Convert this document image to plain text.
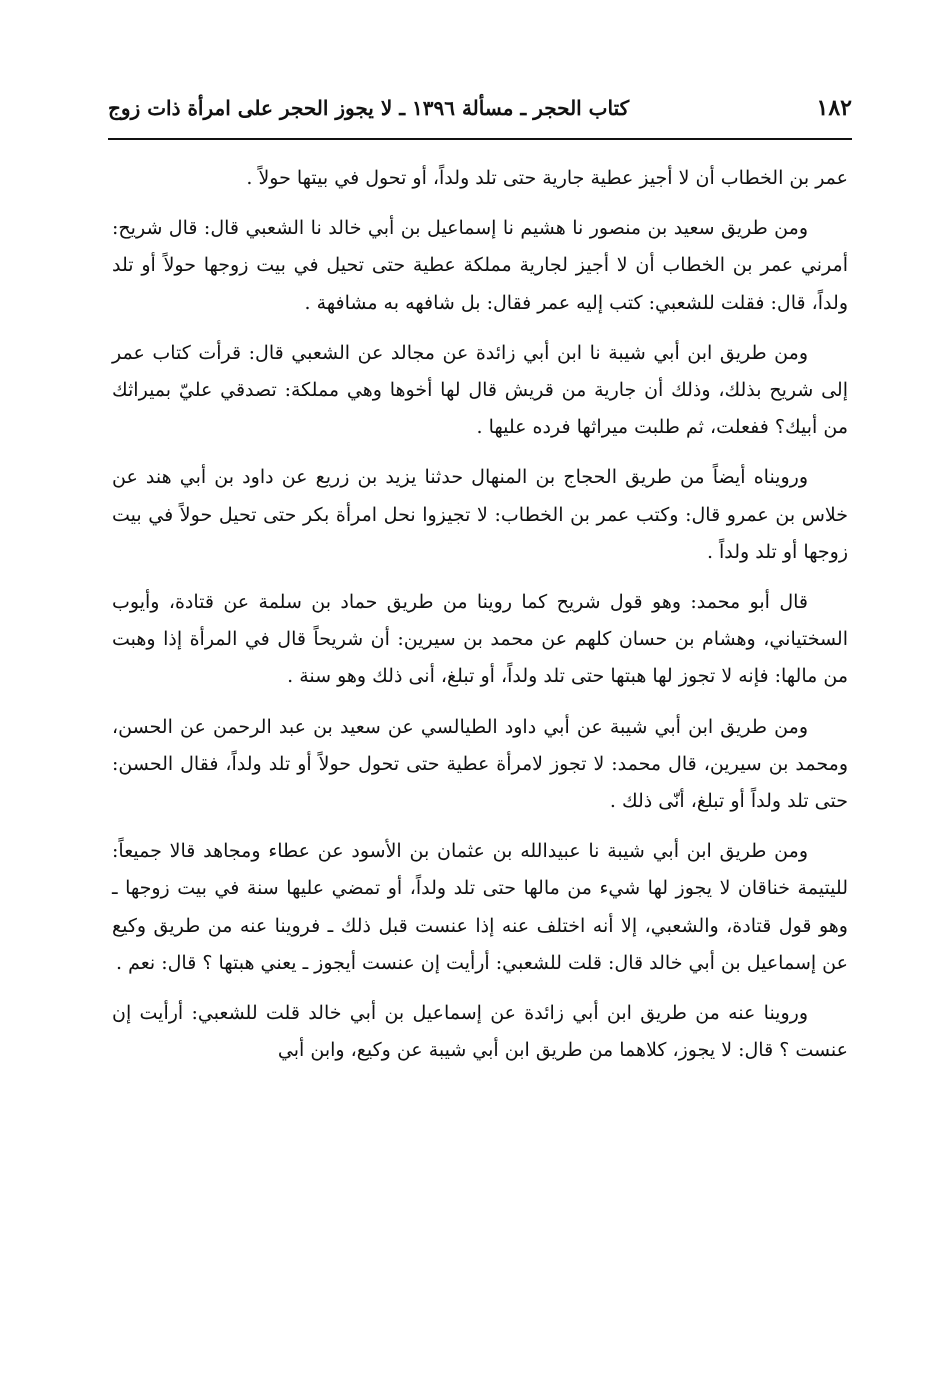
١٨٢
كتاب الحجر ـ مسألة ١٣٩٦ ـ لا يجوز الحجر على امرأة ذات زوج

عمر بن الخطاب أن لا أجيز عطية جارية حتى تلد ولداً، أو تحول في بيتها حولاً .

ومن طريق سعيد بن منصور نا هشيم نا إسماعيل بن أبي خالد نا الشعبي قال: قال شريح: أمرني عمر بن الخطاب أن لا أجيز لجارية مملكة عطية حتى تحيل في بيت زوجها حولاً أو تلد ولداً، قال: فقلت للشعبي: كتب إليه عمر فقال: بل شافهه به مشافهة .

ومن طريق ابن أبي شيبة نا ابن أبي زائدة عن مجالد عن الشعبي قال: قرأت كتاب عمر إلى شريح بذلك، وذلك أن جارية من قريش قال لها أخوها وهي مملكة: تصدقي عليّ بميراثك من أبيك؟ ففعلت، ثم طلبت ميراثها فرده عليها .

ورويناه أيضاً من طريق الحجاج بن المنهال حدثنا يزيد بن زريع عن داود بن أبي هند عن خلاس بن عمرو قال: وكتب عمر بن الخطاب: لا تجيزوا نحل امرأة بكر حتى تحيل حولاً في بيت زوجها أو تلد ولداً .

قال أبو محمد: وهو قول شريح كما روينا من طريق حماد بن سلمة عن قتادة، وأيوب السختياني، وهشام بن حسان كلهم عن محمد بن سيرين: أن شريحاً قال في المرأة إذا وهبت من مالها: فإنه لا تجوز لها هبتها حتى تلد ولداً، أو تبلغ، أنى ذلك وهو سنة .

ومن طريق ابن أبي شيبة عن أبي داود الطيالسي عن سعيد بن عبد الرحمن عن الحسن، ومحمد بن سيرين، قال محمد: لا تجوز لامرأة عطية حتى تحول حولاً أو تلد ولداً، فقال الحسن: حتى تلد ولداً أو تبلغ، أنّى ذلك .

ومن طريق ابن أبي شيبة نا عبيدالله بن عثمان بن الأسود عن عطاء ومجاهد قالا جميعاً: لليتيمة خناقان لا يجوز لها شيء من مالها حتى تلد ولداً، أو تمضي عليها سنة في بيت زوجها ـ وهو قول قتادة، والشعبي، إلا أنه اختلف عنه إذا عنست قبل ذلك ـ فروينا عنه من طريق وكيع عن إسماعيل بن أبي خالد قال: قلت للشعبي: أرأيت إن عنست أيجوز ـ يعني هبتها ؟ قال: نعم .

وروينا عنه من طريق ابن أبي زائدة عن إسماعيل بن أبي خالد قلت للشعبي: أرأيت إن عنست ؟ قال: لا يجوز، كلاهما من طريق ابن أبي شيبة عن وكيع، وابن أبي
